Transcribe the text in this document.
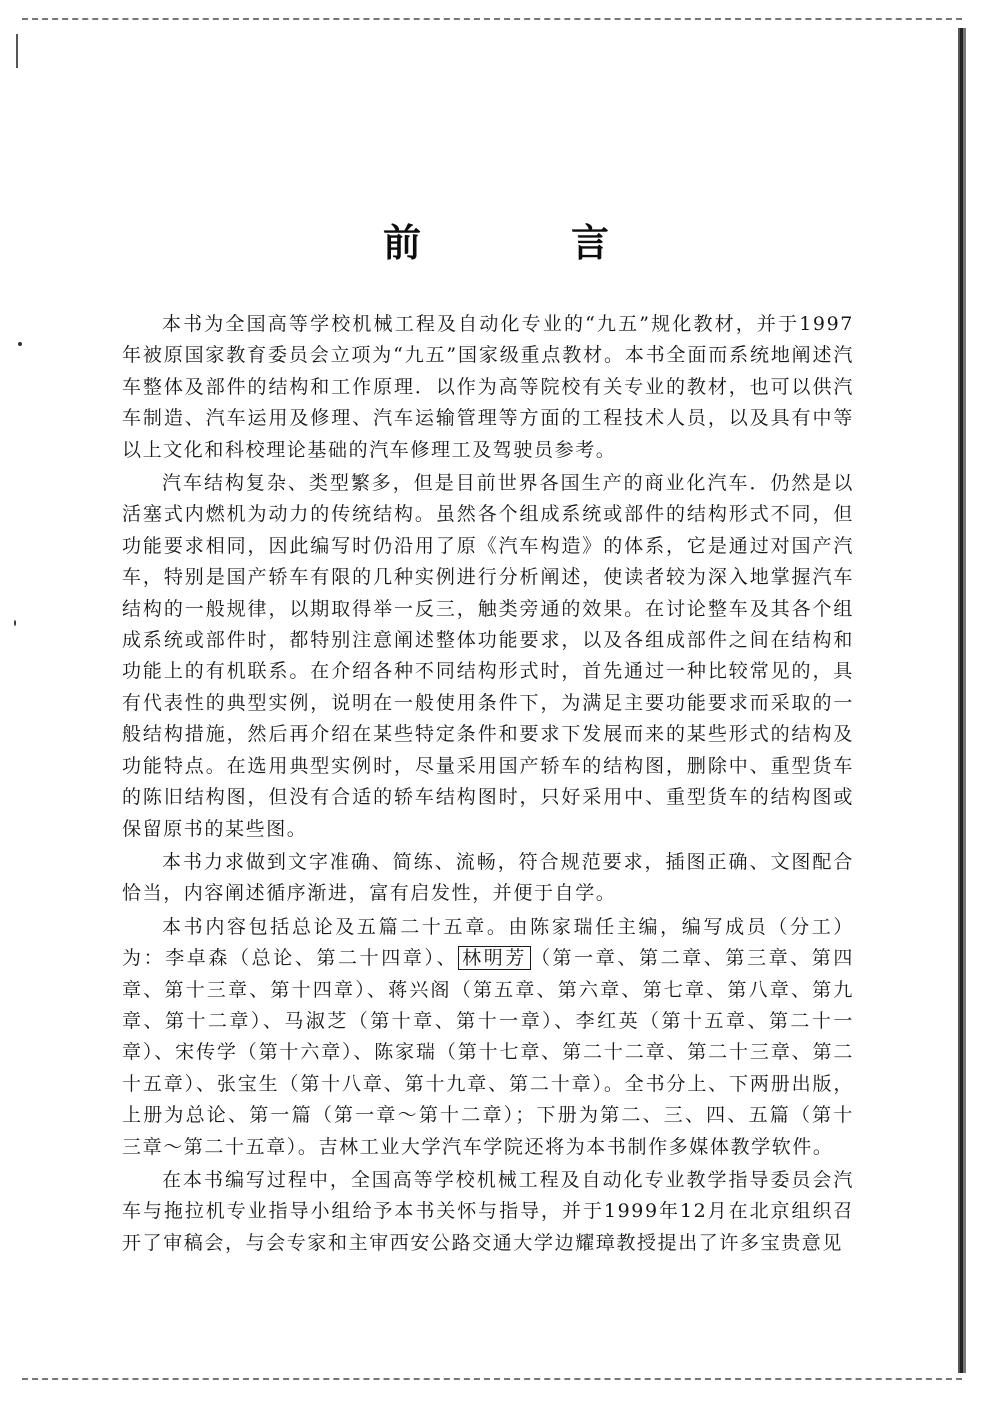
前　言

本书为全国高等学校机械工程及自动化专业的“九五”规化教材，并于1997年被原国家教育委员会立项为“九五”国家级重点教材。本书全面而系统地阐述汽车整体及部件的结构和工作原理．以作为高等院校有关专业的教材，也可以供汽车制造、汽车运用及修理、汽车运输管理等方面的工程技术人员，以及具有中等以上文化和科校理论基础的汽车修理工及驾驶员参考。

汽车结构复杂、类型繁多，但是目前世界各国生产的商业化汽车．仍然是以活塞式内燃机为动力的传统结构。虽然各个组成系统或部件的结构形式不同，但功能要求相同，因此编写时仍沿用了原《汽车构造》的体系，它是通过对国产汽车，特别是国产轿车有限的几种实例进行分析阐述，使读者较为深入地掌握汽车结构的一般规律，以期取得举一反三，触类旁通的效果。在讨论整车及其各个组成系统或部件时，都特别注意阐述整体功能要求，以及各组成部件之间在结构和功能上的有机联系。在介绍各种不同结构形式时，首先通过一种比较常见的，具有代表性的典型实例，说明在一般使用条件下，为满足主要功能要求而采取的一般结构措施，然后再介绍在某些特定条件和要求下发展而来的某些形式的结构及功能特点。在选用典型实例时，尽量采用国产轿车的结构图，删除中、重型货车的陈旧结构图，但没有合适的轿车结构图时，只好采用中、重型货车的结构图或保留原书的某些图。

本书力求做到文字准确、简练、流畅，符合规范要求，插图正确、文图配合恰当，内容阐述循序渐进，富有启发性，并便于自学。

本书内容包括总论及五篇二十五章。由陈家瑞任主编，编写成员（分工）为：李卓森（总论、第二十四章）、 林明芳 （第一章、第二章、第三章、第四章、第十三章、第十四章）、蒋兴阁（第五章、第六章、第七章、第八章、第九章、第十二章）、马淑芝（第十章、第十一章）、李红英（第十五章、第二十一章）、宋传学（第十六章）、陈家瑞（第十七章、第二十二章、第二十三章、第二十五章）、张宝生（第十八章、第十九章、第二十章）。全书分上、下两册出版，上册为总论、第一篇（第一章～第十二章）；下册为第二、三、四、五篇（第十三章～第二十五章）。吉林工业大学汽车学院还将为本书制作多媒体教学软件。

在本书编写过程中，全国高等学校机械工程及自动化专业教学指导委员会汽车与拖拉机专业指导小组给予本书关怀与指导，并于1999年12月在北京组织召开了审稿会，与会专家和主审西安公路交通大学边耀璋教授提出了许多宝贵意见
